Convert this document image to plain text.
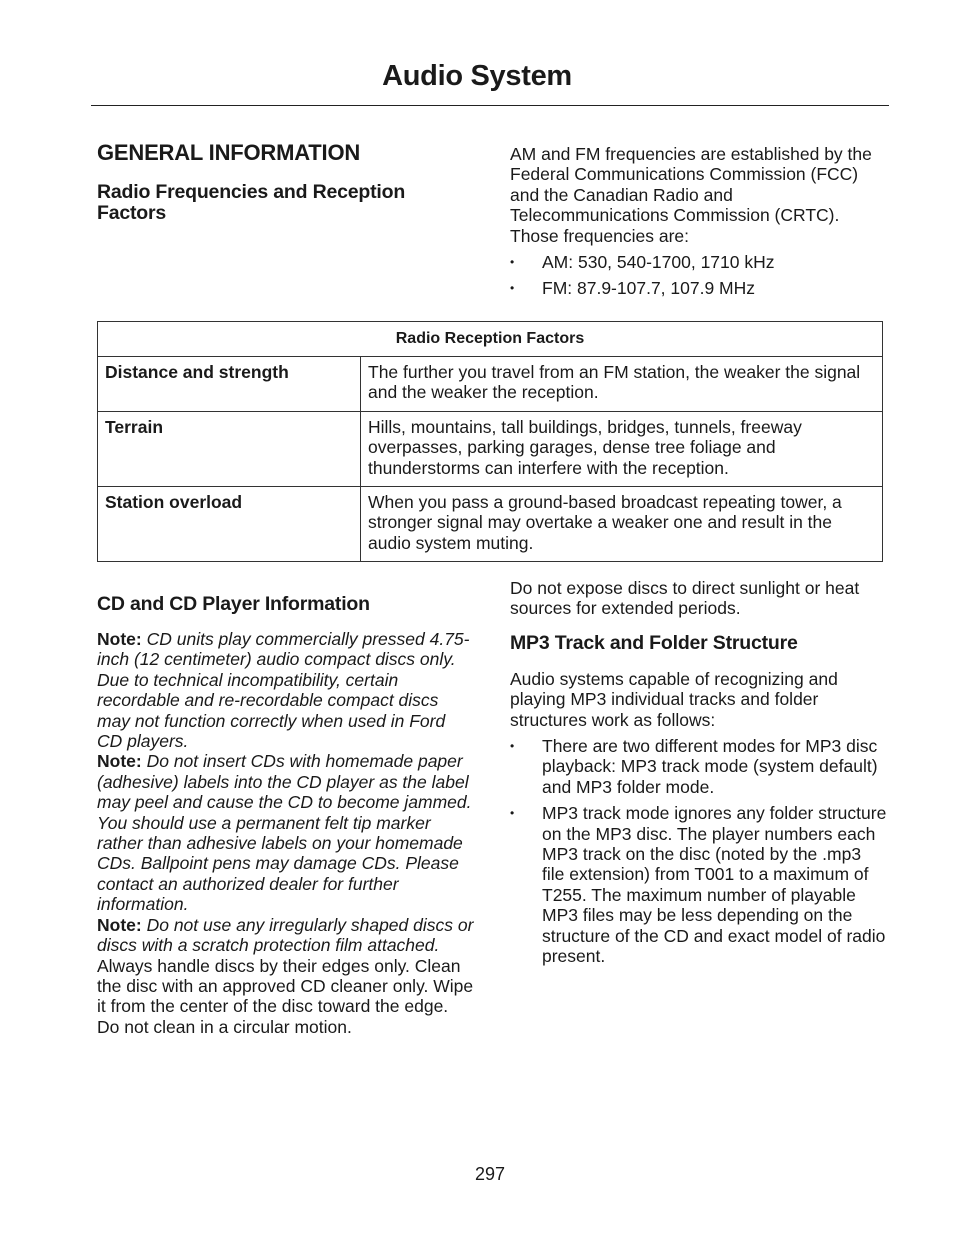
Audio System
GENERAL INFORMATION
Radio Frequencies and Reception Factors

AM and FM frequencies are established by the Federal Communications Commission (FCC) and the Canadian Radio and Telecommunications Commission (CRTC). Those frequencies are:

• AM: 530, 540-1700, 1710 kHz
• FM: 87.9-107.7, 107.9 MHz
Radio Reception Factors	
Distance and strength	The further you travel from an FM station, the weaker the signal and the weaker the reception.
Terrain	Hills, mountains, tall buildings, bridges, tunnels, freeway overpasses, parking garages, dense tree foliage and thunderstorms can interfere with the reception.
Station overload	When you pass a ground-based broadcast repeating tower, a stronger signal may overtake a weaker one and result in the audio system muting.
CD and CD Player Information

Note: CD units play commercially pressed 4.75-inch (12 centimeter) audio compact discs only. Due to technical incompatibility, certain recordable and re-recordable compact discs may not function correctly when used in Ford CD players.

Note: Do not insert CDs with homemade paper (adhesive) labels into the CD player as the label may peel and cause the CD to become jammed. You should use a permanent felt tip marker rather than adhesive labels on your homemade CDs. Ballpoint pens may damage CDs. Please contact an authorized dealer for further information.

Note: Do not use any irregularly shaped discs or discs with a scratch protection film attached.

Always handle discs by their edges only. Clean the disc with an approved CD cleaner only. Wipe it from the center of the disc toward the edge. Do not clean in a circular motion.

Do not expose discs to direct sunlight or heat sources for extended periods.

MP3 Track and Folder Structure

Audio systems capable of recognizing and playing MP3 individual tracks and folder structures work as follows:

• There are two different modes for MP3 disc playback: MP3 track mode (system default) and MP3 folder mode.
• MP3 track mode ignores any folder structure on the MP3 disc. The player numbers each MP3 track on the disc (noted by the .mp3 file extension) from T001 to a maximum of T255. The maximum number of playable MP3 files may be less depending on the structure of the CD and exact model of radio present.
297
